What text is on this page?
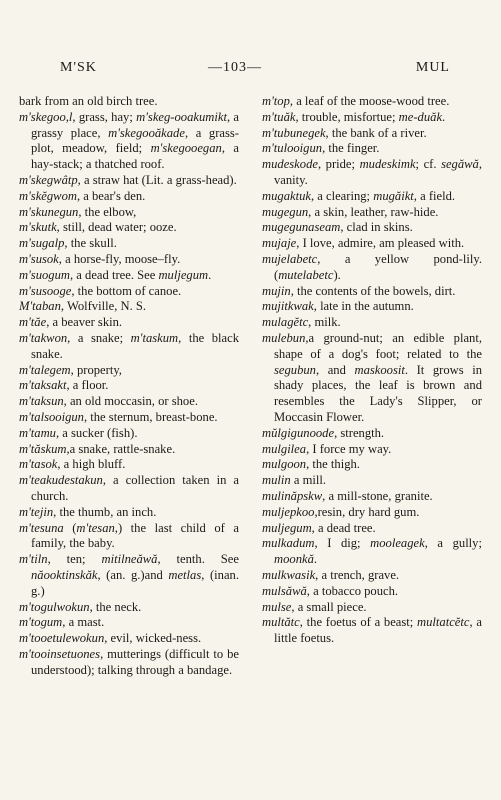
M'SK	—103—	MUL

bark from an old birch tree.

m'skegoo,l, grass, hay; m'skeg-ooakumikt, a grassy place, m'skegooăkade, a grass-plot, meadow, field; m'skegooegan, a hay-stack; a thatched roof.

m'skegwâtp, a straw hat (Lit. a grass-head).

m'skĕgwom, a bear's den.

m'skunegun, the elbow,

m'skutk, still, dead water; ooze.

m'sugalp, the skull.

m'susok, a horse-fly, moose–fly.

m'suogum, a dead tree. See muljegum.

m'susooge, the bottom of canoe.

M'taban, Wolfville, N. S.

m'tăe, a beaver skin.

m'takwon, a snake; m'taskum, the black snake.

m'talegem, property,

m'taksakt, a floor.

m'taksun, an old moccasin, or shoe.

m'talsooigun, the sternum, breast-bone.

m'tamu, a sucker (fish).

m'tăskum,a snake, rattle-snake.

m'tasok, a high bluff.

m'teakudestakun, a collection taken in a church.

m'tejin, the thumb, an inch.

m'tesuna (m'tesan,) the last child of a family, the baby.

m'tiln, ten; mitilneăwă, tenth. See năooktinskăk, (an. g.)and metlas, (inan. g.)

m'togulwokun, the neck.

m'togum, a mast.

m'tooetulewokun, evil, wicked-ness.

m'tooinsetuones, mutterings (difficult to be understood); talking through a bandage.

m'top, a leaf of the moose-wood tree.

m'tuăk, trouble, misfortue; me-duăk.

m'tubunegek, the bank of a river.

m'tulooigun, the finger.

mudeskode, pride; mudeskimk; cf. segăwă, vanity.

mugaktuk, a clearing; mugăikt, a field.

mugegun, a skin, leather, raw-hide.

mugegunaseam, clad in skins.

mujaje, I love, admire, am pleased with.

mujelabetc, a yellow pond-lily. (mutelabetc).

mujin, the contents of the bowels, dirt.

mujitkwak, late in the autumn.

mulagĕtc, milk.

mulebun,a ground-nut; an edible plant, shape of a dog's foot; related to the segubun, and maskoosit. It grows in shady places, the leaf is brown and resembles the Lady's Slipper, or Moccasin Flower.

mŭlgigunoode, strength.

mulgilea, I force my way.

mulgoon, the thigh.

mulin a mill.

mulinăpskw, a mill-stone, granite.

muljepkoo,resin, dry hard gum.

muljegum, a dead tree.

mulkadum, I dig; mooleagek, a gully; moonkă.

mulkwasik, a trench, grave.

mulsăwă, a tobacco pouch.

mulse, a small piece.

multătc, the foetus of a beast; multatcĕtc, a little foetus.
